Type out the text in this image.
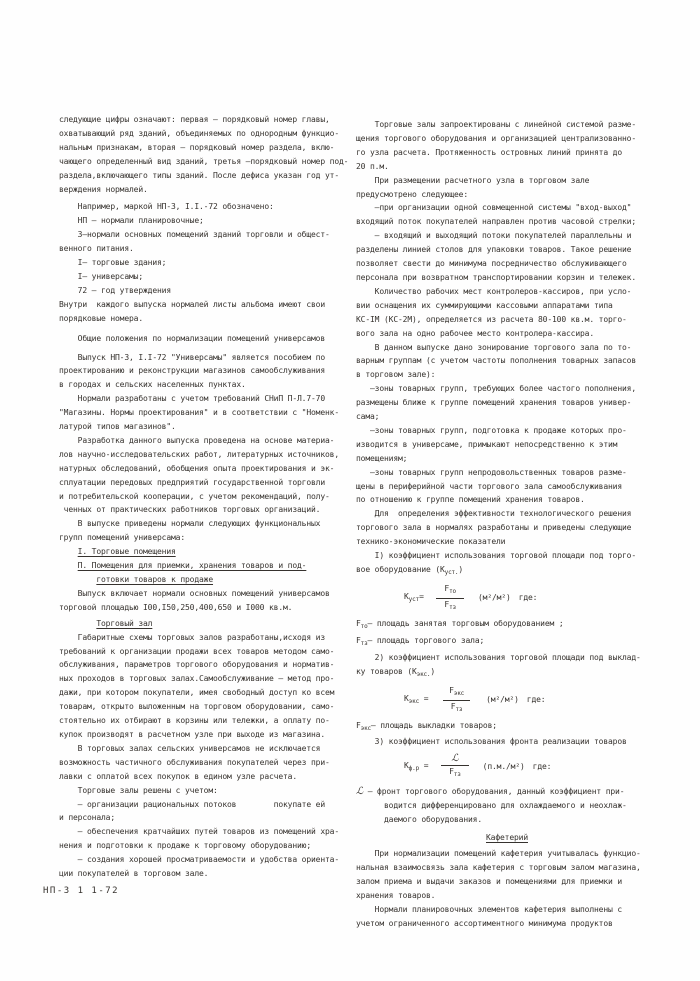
следующие цифры означают: первая – порядковый номер главы,
охватывающий ряд зданий, объединяемых по однородным функцио-
нальным признакам, вторая – порядковый номер раздела, вклю-
чающего определенный вид зданий, третья –порядковый номер под-
раздела,включающего типы зданий. После дефиса указан год ут-
верждения нормалей.
Например, маркой НП-3, I.I.-72 обозначено:
НП – нормали планировочные;
3–нормали основных помещений зданий торговли и общест-
венного питания.
I– торговые здания;
I– универсамы;
72 – год утверждения
Внутри  каждого выпуска нормалей листы альбома имеют свои
порядковые номера.
Общие положения по нормализации помещений универсамов
Выпуск НП-3, I.I-72 "Универсамы" является пособием по
проектированию и реконструкции магазинов самообслуживания
в городах и сельских населенных пунктах.
Нормали разработаны с учетом требований СНиП П-Л.7-70
"Магазины. Нормы проектирования" и в соответствии с "Номенк-
латурой типов магазинов".
Разработка данного выпуска проведена на основе материа-
лов научно-исследовательских работ, литературных источников,
натурных обследований, обобщения опыта проектирования и эк-
сплуатации передовых предприятий государственной торговли
и потребительской кооперации, с учетом рекомендаций, полу-
ченных от практических работников торговых организаций.
В выпуске приведены нормали следующих функциональных
групп помещений универсама:
I. Торговые помещения
П. Помещения для приемки, хранения товаров и под-
готовки товаров к продаже
Выпуск включает нормали основных помещений универсамов
торговой площадью I00,I50,250,400,650 и I000 кв.м.
Торговый зал
Габаритные схемы торговых залов разработаны,исходя из
требований к организации продажи всех товаров методом само-
обслуживания, параметров торгового оборудования и норматив-
ных проходов в торговых залах.Самообслуживание – метод про-
дажи, при котором покупатели, имея свободный доступ ко всем
товарам, открыто выложенным на торговом оборудовании, само-
стоятельно их отбирают в корзины или тележки, а оплату по-
купок производят в расчетном узле при выходе из магазина.
В торговых залах сельских универсамов не исключается
возможность частичного обслуживания покупателей через при-
лавки с оплатой всех покупок в едином узле расчета.
Торговые залы решены с учетом:
– организации рациональных потоков        покупате ей
и персонала;
– обеспечения кратчайших путей товаров из помещений хра-
нения и подготовки к продаже к торговому оборудованию;
– создания хорошей просматриваемости и удобства ориента-
ции покупателей в торговом зале.
Торговые залы запроектированы с линейной системой разме-
щения торгового оборудования и организацией централизованно-
го узла расчета. Протяженность островных линий принята до
20 п.м.
При размещении расчетного узла в торговом зале
предусмотрено следующее:
–при организации одной совмещенной системы "вход-выход"
входящий поток покупателей направлен против часовой стрелки;
– входящий и выходящий потоки покупателей параллельны и
разделены линией столов для упаковки товаров. Такое решение
позволяет свести до минимума посредничество обслуживающего
персонала при возвратном транспортировании корзин и тележек.
Количество рабочих мест контролеров-кассиров, при усло-
вии оснащения их суммирующими кассовыми аппаратами типа
КС-IМ (КС-2М), определяется из расчета 80-100 кв.м. торго-
вого зала на одно рабочее место контролера-кассира.
В данном выпуске дано зонирование торгового зала по то-
варным группам (с учетом частоты пополнения товарных запасов
в торговом зале):
–зоны товарных групп, требующих более частого пополнения,
размещены ближе к группе помещений хранения товаров универ-
сама;
–зоны товарных групп, подготовка к продаже которых про-
изводится в универсаме, примыкают непосредственно к этим
помещениям;
–зоны товарных групп непродовольственных товаров разме-
щены в периферийной части торгового зала самообслуживания
по отношению к группе помещений хранения товаров.
Для  определения эффективности технологического решения
торгового зала в нормалях разработаны и приведены следующие
технико-экономические показатели
I) коэффициент использования торговой площади под торго-
вое оборудование $(К_{уст.})$
$К_{уст}= \frac{F_{то}}{F_{тз}} (м^2/м^2)$ где:
$F_{то}-$ площадь занятая торговым оборудованием ;
$F_{тз}-$ площадь торгового зала;
2) коэффициент использования торговой площади под выклад-
ку товаров $(К_{экс.})$
$К_{экс} = \frac{F_{экс}}{F_{тз}} (м^2/м^2)$ где:
$F_{экс}-$ площадь выкладки товаров;
3) коэффициент использования фронта реализации товаров
$К_{ф.р} = \frac{\text{ℒ}}{F_{тз}} (п.м./м^2)$ где:
ℒ – фронт торгового оборудования, данный коэффициент при-
водится дифференцировано для охлаждаемого и неохлаж-
даемого оборудования.
Кафетерий
При нормализации помещений кафетерия учитывалась функцио-
нальная взаимосвязь зала кафетерия с торговым залом магазина,
залом приема и выдачи заказов и помещениями для приемки и
хранения товаров.
Нормали планировочных элементов кафетерия выполнены с
учетом ограниченного ассортиментного минимума продуктов
НП-3 1 1-72
